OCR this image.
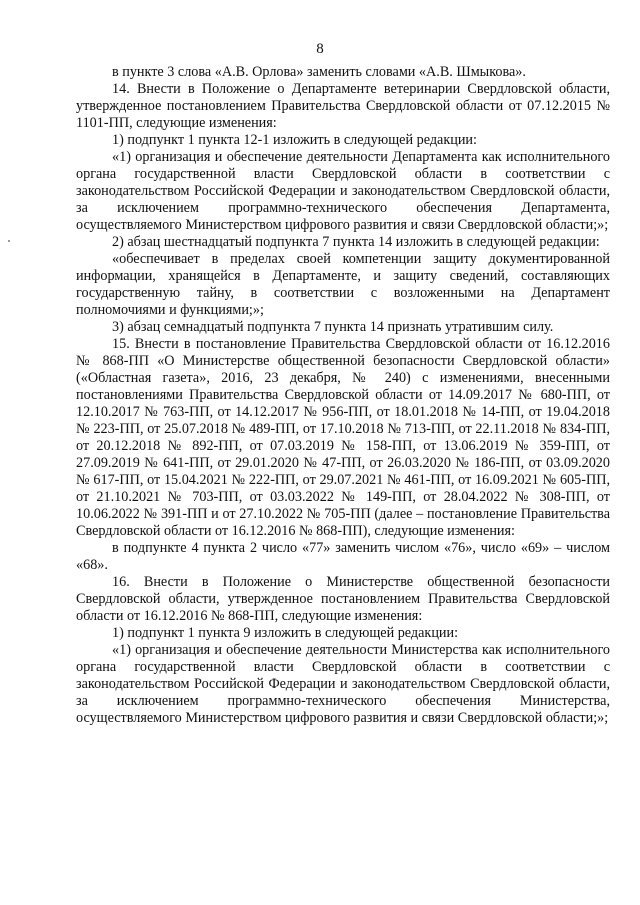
8

в пункте 3 слова «А.В. Орлова» заменить словами «А.В. Шмыкова».

14. Внести в Положение о Департаменте ветеринарии Свердловской области, утвержденное постановлением Правительства Свердловской области от 07.12.2015 № 1101-ПП, следующие изменения:

1) подпункт 1 пункта 12-1 изложить в следующей редакции:

«1) организация и обеспечение деятельности Департамента как исполнительного органа государственной власти Свердловской области в соответствии с законодательством Российской Федерации и законодательством Свердловской области, за исключением программно-технического обеспечения Департамента, осуществляемого Министерством цифрового развития и связи Свердловской области;»;

2) абзац шестнадцатый подпункта 7 пункта 14 изложить в следующей редакции:

«обеспечивает в пределах своей компетенции защиту документированной информации, хранящейся в Департаменте, и защиту сведений, составляющих государственную тайну, в соответствии с возложенными на Департамент полномочиями и функциями;»;

3) абзац семнадцатый подпункта 7 пункта 14 признать утратившим силу.

15. Внести в постановление Правительства Свердловской области от 16.12.2016 № 868-ПП «О Министерстве общественной безопасности Свердловской области» («Областная газета», 2016, 23 декабря, № 240) с изменениями, внесенными постановлениями Правительства Свердловской области от 14.09.2017 № 680-ПП, от 12.10.2017 № 763-ПП, от 14.12.2017 № 956-ПП, от 18.01.2018 № 14-ПП, от 19.04.2018 № 223-ПП, от 25.07.2018 № 489-ПП, от 17.10.2018 № 713-ПП, от 22.11.2018 № 834-ПП, от 20.12.2018 № 892-ПП, от 07.03.2019 № 158-ПП, от 13.06.2019 № 359-ПП, от 27.09.2019 № 641-ПП, от 29.01.2020 № 47-ПП, от 26.03.2020 № 186-ПП, от 03.09.2020 № 617-ПП, от 15.04.2021 № 222-ПП, от 29.07.2021 № 461-ПП, от 16.09.2021 № 605-ПП, от 21.10.2021 № 703-ПП, от 03.03.2022 № 149-ПП, от 28.04.2022 № 308-ПП, от 10.06.2022 № 391-ПП и от 27.10.2022 № 705-ПП (далее – постановление Правительства Свердловской области от 16.12.2016 № 868-ПП), следующие изменения:

в подпункте 4 пункта 2 число «77» заменить числом «76», число «69» – числом «68».

16. Внести в Положение о Министерстве общественной безопасности Свердловской области, утвержденное постановлением Правительства Свердловской области от 16.12.2016 № 868-ПП, следующие изменения:

1) подпункт 1 пункта 9 изложить в следующей редакции:

«1) организация и обеспечение деятельности Министерства как исполнительного органа государственной власти Свердловской области в соответствии с законодательством Российской Федерации и законодательством Свердловской области, за исключением программно-технического обеспечения Министерства, осуществляемого Министерством цифрового развития и связи Свердловской области;»;
